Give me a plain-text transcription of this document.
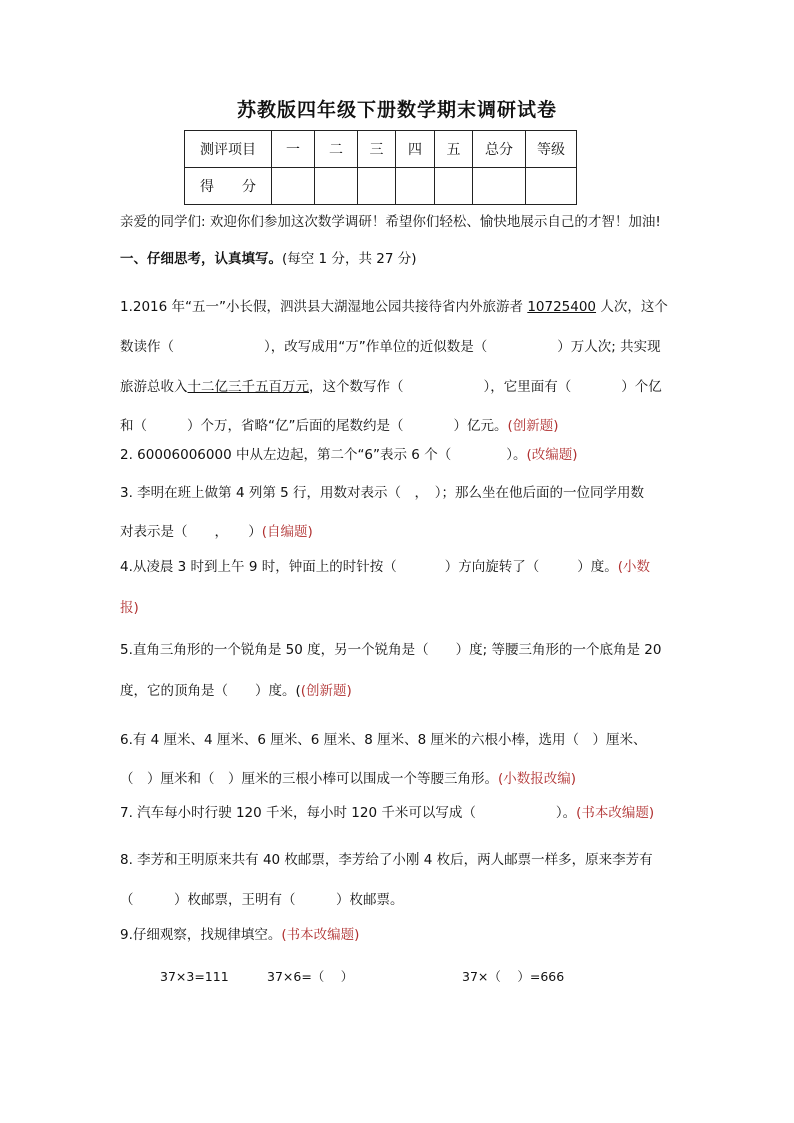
苏教版四年级下册数学期末调研试卷
测评项目	一	二	三	四	五	总分	等级
得　　分							
亲爱的同学们: 欢迎你们参加这次数学调研！希望你们轻松、愉快地展示自己的才智！加油!
一、仔细思考，认真填写。(每空 1 分，共 27 分)
1.2016 年“五一”小长假，泗洪县大湖湿地公园共接待省内外旅游者 10725400 人次，这个
数读作（	），改写成用“万”作单位的近似数是（	）万人次; 共实现
旅游总收入十二亿三千五百万元，这个数写作（	），它里面有（	）个亿
和（	）个万，省略“亿”后面的尾数约是（	）亿元。(创新题)
2. 60006006000 中从左边起，第二个“6”表示 6 个（	）。(改编题)
3. 李明在班上做第 4 列第 5 行，用数对表示（　，　）；那么坐在他后面的一位同学用数
对表示是（　　，　　）(自编题)
4.从凌晨 3 时到上午 9 时，钟面上的时针按（	）方向旋转了（	）度。(小数
报)
5.直角三角形的一个锐角是 50 度，另一个锐角是（　　）度; 等腰三角形的一个底角是 20
度，它的顶角是（　　）度。((创新题)
6.有 4 厘米、4 厘米、6 厘米、6 厘米、8 厘米、8 厘米的六根小棒，选用（　）厘米、
（　）厘米和（　）厘米的三根小棒可以围成一个等腰三角形。(小数报改编)
7. 汽车每小时行驶 120 千米，每小时 120 千米可以写成（	）。(书本改编题)
8. 李芳和王明原来共有 40 枚邮票，李芳给了小刚 4 枚后，两人邮票一样多，原来李芳有
（　　　）枚邮票，王明有（　　　）枚邮票。
9.仔细观察，找规律填空。(书本改编题)
37×3=111	37×6=（　 ）	37×（　 ）=666
